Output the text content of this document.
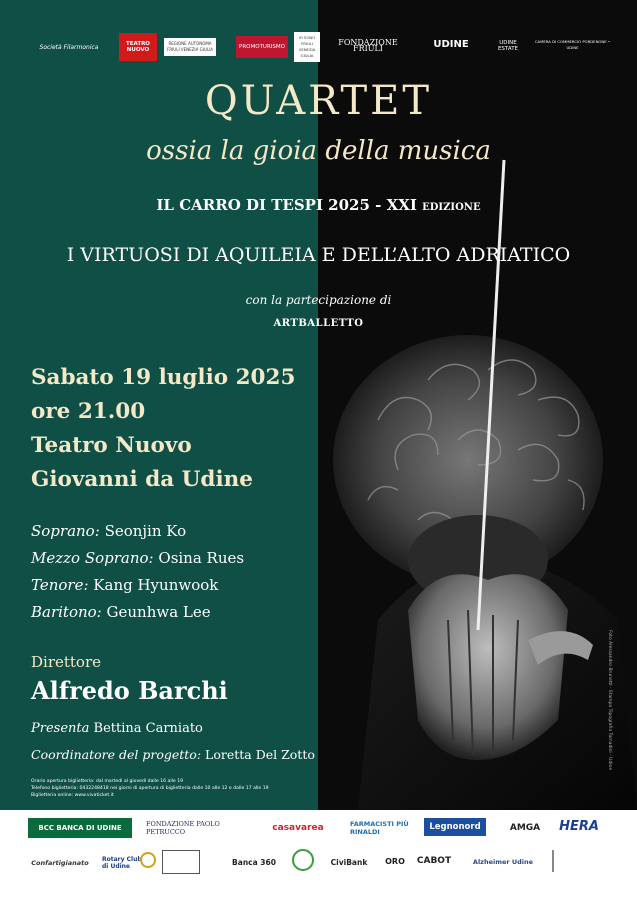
Società Filarmonica	TEATRO NUOVO
REGIONE AUTONOMA FRIULI VENEZIA GIULIA	PROMOTURISMO
IO SONO FRIULI VENEZIA GIULIA
FONDAZIONE FRIULI	UDINE	UDINE ESTATE
CAMERA DI COMMERCIO PORDENONE • UDINE
QUARTET
ossia la gioia della musica
IL CARRO DI TESPI 2025 - XXI EDIZIONE
I VIRTUOSI DI AQUILEIA E DELL’ALTO ADRIATICO
con la partecipazione di
ARTBALLETTO
Sabato 19 luglio 2025
ore 21.00
Teatro Nuovo
Giovanni da Udine
Soprano: Seonjin Ko
Mezzo Soprano: Osina Rues
Tenore: Kang Hyunwook
Baritono: Geunhwa Lee
Direttore
Alfredo Barchi
Presenta Bettina Carniato
Coordinatore del progetto: Loretta Del Zotto
Orario apertura biglietteria: dal martedì al giovedì dalle 16 alle 19
Telefono biglietteria: 0432248418 nei giorni di apertura di biglietteria dalle 10 alle 12 e dalle 17 alle 19
Biglietteria online: www.vivaticket.it
Foto Alessandro Brunetti · Stampa Tipografia Tomadini - Udine
BCC BANCA DI UDINE	FONDAZIONE PAOLO PETRUCCO	casavarea	FARMACISTI PIÙ RINALDI	Legnonord	AMGA HERA
Confartigianato Rotary Club di Udine	Banca 360	CiviBank ORO CABOT	Alzheimer Udine
